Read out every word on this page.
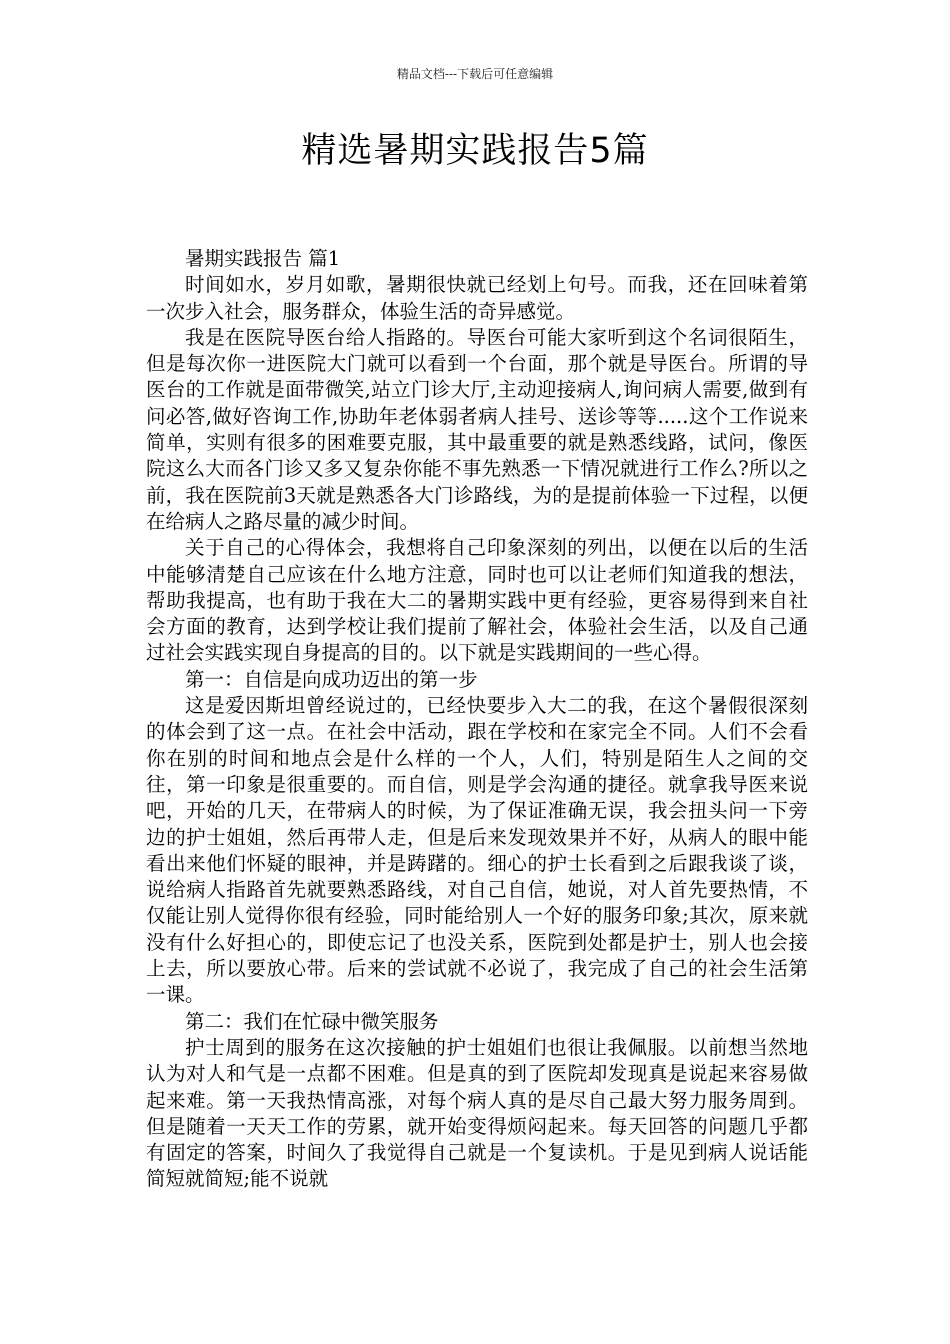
精品文档---下载后可任意编辑
精选暑期实践报告5篇

暑期实践报告 篇1

时间如水，岁月如歌，暑期很快就已经划上句号。而我，还在回味着第一次步入社会，服务群众，体验生活的奇异感觉。

我是在医院导医台给人指路的。导医台可能大家听到这个名词很陌生，但是每次你一进医院大门就可以看到一个台面，那个就是导医台。所谓的导医台的工作就是面带微笑,站立门诊大厅,主动迎接病人,询问病人需要,做到有问必答,做好咨询工作,协助年老体弱者病人挂号、送诊等等.....这个工作说来简单，实则有很多的困难要克服，其中最重要的就是熟悉线路，试问，像医院这么大而各门诊又多又复杂你能不事先熟悉一下情况就进行工作么?所以之前，我在医院前3天就是熟悉各大门诊路线，为的是提前体验一下过程，以便在给病人之路尽量的减少时间。

关于自己的心得体会，我想将自己印象深刻的列出，以便在以后的生活中能够清楚自己应该在什么地方注意，同时也可以让老师们知道我的想法，帮助我提高，也有助于我在大二的暑期实践中更有经验，更容易得到来自社会方面的教育，达到学校让我们提前了解社会，体验社会生活，以及自己通过社会实践实现自身提高的目的。以下就是实践期间的一些心得。

第一：自信是向成功迈出的第一步

这是爱因斯坦曾经说过的，已经快要步入大二的我，在这个暑假很深刻的体会到了这一点。在社会中活动，跟在学校和在家完全不同。人们不会看你在别的时间和地点会是什么样的一个人，人们，特别是陌生人之间的交往，第一印象是很重要的。而自信，则是学会沟通的捷径。就拿我导医来说吧，开始的几天，在带病人的时候，为了保证准确无误，我会扭头问一下旁边的护士姐姐，然后再带人走，但是后来发现效果并不好，从病人的眼中能看出来他们怀疑的眼神，并是踌躇的。细心的护士长看到之后跟我谈了谈，说给病人指路首先就要熟悉路线，对自己自信，她说，对人首先要热情，不仅能让别人觉得你很有经验，同时能给别人一个好的服务印象;其次，原来就没有什么好担心的，即使忘记了也没关系，医院到处都是护士，别人也会接上去，所以要放心带。后来的尝试就不必说了，我完成了自己的社会生活第一课。

第二：我们在忙碌中微笑服务

护士周到的服务在这次接触的护士姐姐们也很让我佩服。以前想当然地认为对人和气是一点都不困难。但是真的到了医院却发现真是说起来容易做起来难。第一天我热情高涨，对每个病人真的是尽自己最大努力服务周到。但是随着一天天工作的劳累，就开始变得烦闷起来。每天回答的问题几乎都有固定的答案，时间久了我觉得自己就是一个复读机。于是见到病人说话能简短就简短;能不说就
